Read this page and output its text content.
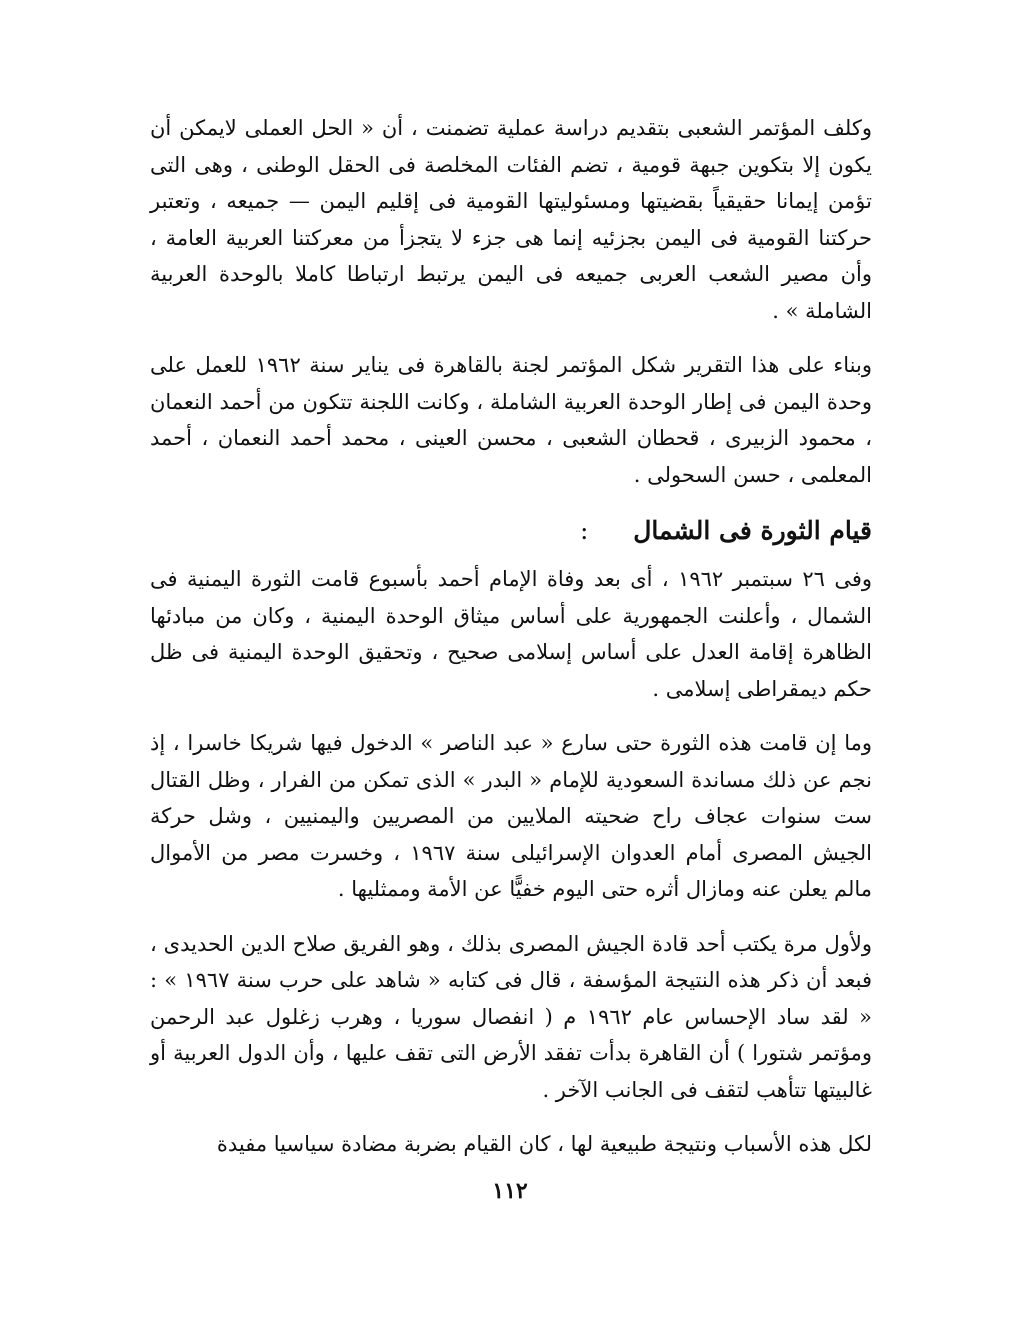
وكلف المؤتمر الشعبى بتقديم دراسة عملية تضمنت ، أن « الحل العملى لايمكن أن يكون إلا بتكوين جبهة قومية ، تضم الفئات المخلصة فى الحقل الوطنى ، وهى التى تؤمن إيمانا حقيقياً بقضيتها ومسئوليتها القومية فى إقليم اليمن — جميعه ، وتعتبر حركتنا القومية فى اليمن بجزئيه إنما هى جزء لا يتجزأ من معركتنا العربية العامة ، وأن مصير الشعب العربى جميعه فى اليمن يرتبط ارتباطا كاملا بالوحدة العربية الشاملة » .

وبناء على هذا التقرير شكل المؤتمر لجنة بالقاهرة فى يناير سنة ١٩٦٢ للعمل على وحدة اليمن فى إطار الوحدة العربية الشاملة ، وكانت اللجنة تتكون من أحمد النعمان ، محمود الزبيرى ، قحطان الشعبى ، محسن العينى ، محمد أحمد النعمان ، أحمد المعلمى ، حسن السحولى .

قيام الثورة فى الشمال :

وفى ٢٦ سبتمبر ١٩٦٢ ، أى بعد وفاة الإمام أحمد بأسبوع قامت الثورة اليمنية فى الشمال ، وأعلنت الجمهورية على أساس ميثاق الوحدة اليمنية ، وكان من مبادئها الظاهرة إقامة العدل على أساس إسلامى صحيح ، وتحقيق الوحدة اليمنية فى ظل حكم ديمقراطى إسلامى .

وما إن قامت هذه الثورة حتى سارع « عبد الناصر » الدخول فيها شريكا خاسرا ، إذ نجم عن ذلك مساندة السعودية للإمام « البدر » الذى تمكن من الفرار ، وظل القتال ست سنوات عجاف راح ضحيته الملايين من المصريين واليمنيين ، وشل حركة الجيش المصرى أمام العدوان الإسرائيلى سنة ١٩٦٧ ، وخسرت مصر من الأموال مالم يعلن عنه ومازال أثره حتى اليوم خفيًّا عن الأمة وممثليها .

ولأول مرة يكتب أحد قادة الجيش المصرى بذلك ، وهو الفريق صلاح الدين الحديدى ، فبعد أن ذكر هذه النتيجة المؤسفة ، قال فى كتابه « شاهد على حرب سنة ١٩٦٧ » : « لقد ساد الإحساس عام ١٩٦٢ م ( انفصال سوريا ، وهرب زغلول عبد الرحمن ومؤتمر شتورا ) أن القاهرة بدأت تفقد الأرض التى تقف عليها ، وأن الدول العربية أو غالبيتها تتأهب لتقف فى الجانب الآخر .

لكل هذه الأسباب ونتيجة طبيعية لها ، كان القيام بضربة مضادة سياسيا مفيدة

١١٢
